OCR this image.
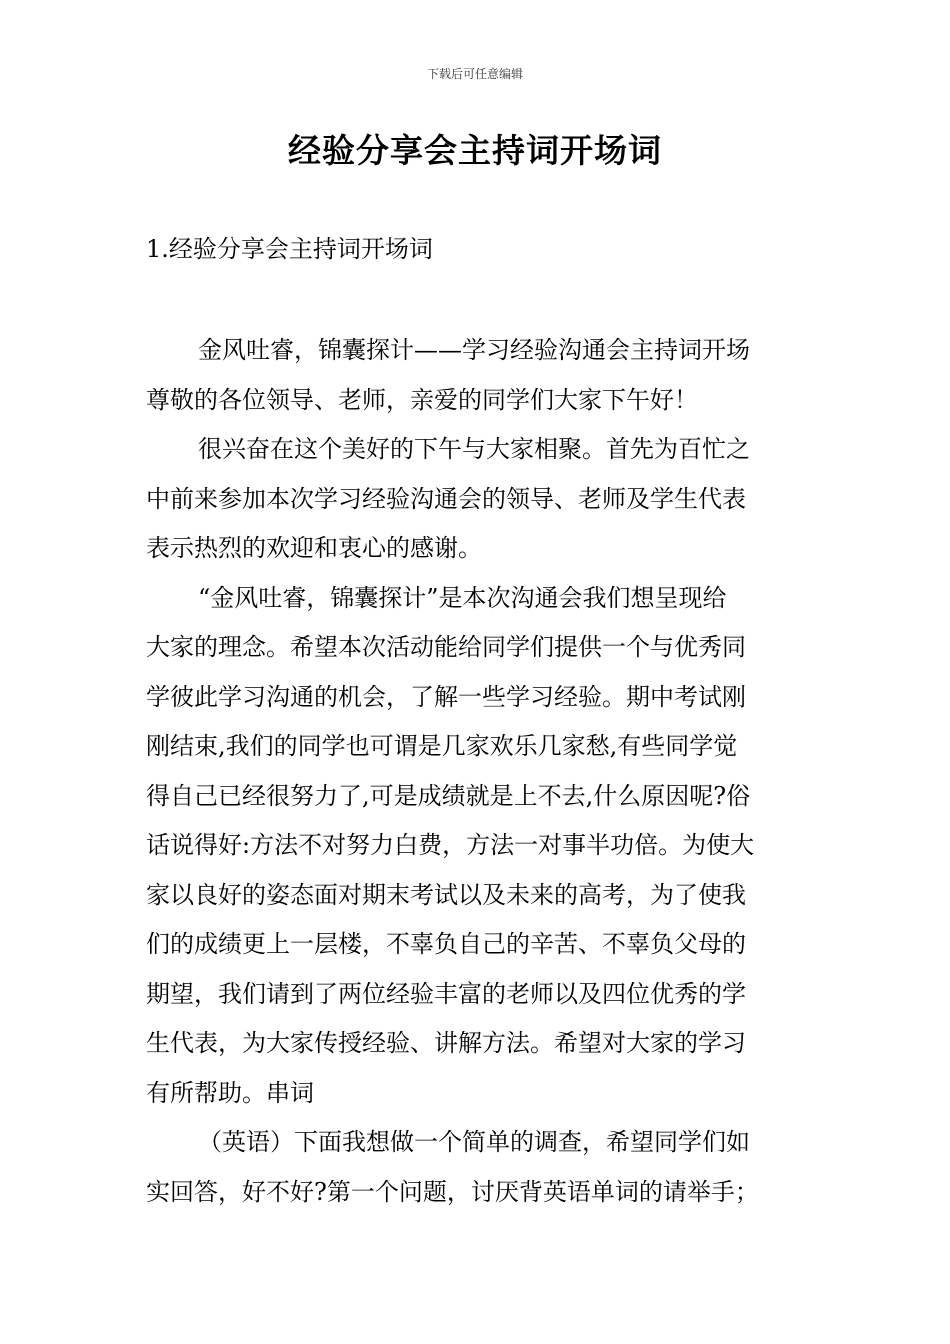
下载后可任意编辑
经验分享会主持词开场词
1.经验分享会主持词开场词

金风吐睿，锦囊探计——学习经验沟通会主持词开场
尊敬的各位领导、老师，亲爱的同学们大家下午好！

很兴奋在这个美好的下午与大家相聚。首先为百忙之
中前来参加本次学习经验沟通会的领导、老师及学生代表
表示热烈的欢迎和衷心的感谢。

“金风吐睿，锦囊探计”是本次沟通会我们想呈现给
大家的理念。希望本次活动能给同学们提供一个与优秀同
学彼此学习沟通的机会，了解一些学习经验。期中考试刚
刚结束,我们的同学也可谓是几家欢乐几家愁,有些同学觉
得自己已经很努力了,可是成绩就是上不去,什么原因呢?俗
话说得好:方法不对努力白费，方法一对事半功倍。为使大
家以良好的姿态面对期末考试以及未来的高考，为了使我
们的成绩更上一层楼，不辜负自己的辛苦、不辜负父母的
期望，我们请到了两位经验丰富的老师以及四位优秀的学
生代表，为大家传授经验、讲解方法。希望对大家的学习
有所帮助。串词

（英语）下面我想做一个简单的调查，希望同学们如
实回答，好不好?第一个问题，讨厌背英语单词的请举手；
